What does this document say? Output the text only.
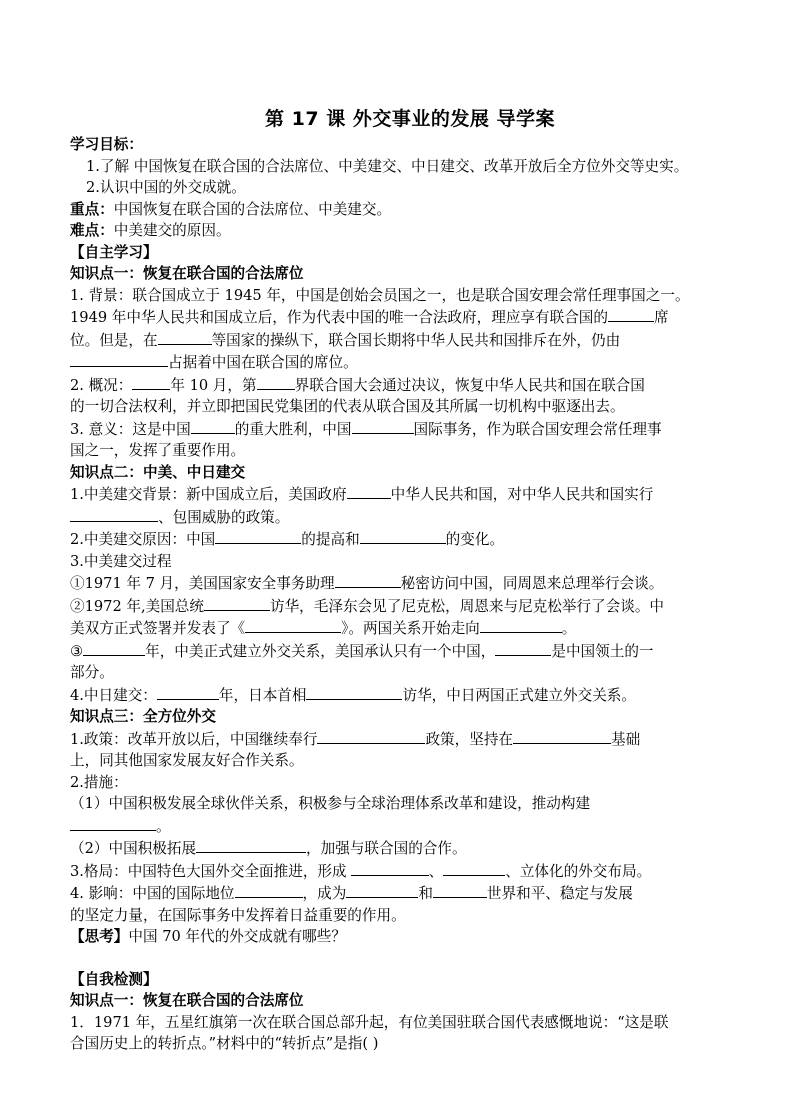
第 17 课 外交事业的发展 导学案
学习目标：
1.了解 中国恢复在联合国的合法席位、中美建交、中日建交、改革开放后全方位外交等史实。
2.认识中国的外交成就。
重点：中国恢复在联合国的合法席位、中美建交。
难点：中美建交的原因。
【自主学习】
知识点一：恢复在联合国的合法席位
1. 背景：联合国成立于 1945 年，中国是创始会员国之一，也是联合国安理会常任理事国之一。
1949 年中华人民共和国成立后，作为代表中国的唯一合法政府，理应享有联合国的	席
位。但是，在	等国家的操纵下，联合国长期将中华人民共和国排斥在外，仍由
占据着中国在联合国的席位。
2. 概况：	年 10 月，第	界联合国大会通过决议，恢复中华人民共和国在联合国
的一切合法权利，并立即把国民党集团的代表从联合国及其所属一切机构中驱逐出去。
3. 意义：这是中国	的重大胜利，中国	国际事务，作为联合国安理会常任理事
国之一，发挥了重要作用。
知识点二：中美、中日建交
1.中美建交背景：新中国成立后，美国政府	中华人民共和国，对中华人民共和国实行
、包围威胁的政策。
2.中美建交原因：中国	的提高和	的变化。
3.中美建交过程
①1971 年 7 月，美国国家安全事务助理	秘密访问中国，同周恩来总理举行会谈。
②1972 年,美国总统	访华，毛泽东会见了尼克松，周恩来与尼克松举行了会谈。中
美双方正式签署并发表了《	》。两国关系开始走向	。
③	年，中美正式建立外交关系，美国承认只有一个中国，	是中国领土的一
部分。
4.中日建交：	年，日本首相	访华，中日两国正式建立外交关系。
知识点三：全方位外交
1.政策：改革开放以后，中国继续奉行	政策，坚持在	基础
上，同其他国家发展友好合作关系。
2.措施：
（1）中国积极发展全球伙伴关系，积极参与全球治理体系改革和建设，推动构建
。
（2）中国积极拓展	，加强与联合国的合作。
3.格局：中国特色大国外交全面推进，形成	、	、立体化的外交布局。
4. 影响：中国的国际地位	，成为	和	世界和平、稳定与发展
的坚定力量，在国际事务中发挥着日益重要的作用。
【思考】中国 70 年代的外交成就有哪些？
【自我检测】
知识点一：恢复在联合国的合法席位
1．1971 年，五星红旗第一次在联合国总部升起，有位美国驻联合国代表感慨地说：“这是联
合国历史上的转折点。”材料中的“转折点”是指( )
